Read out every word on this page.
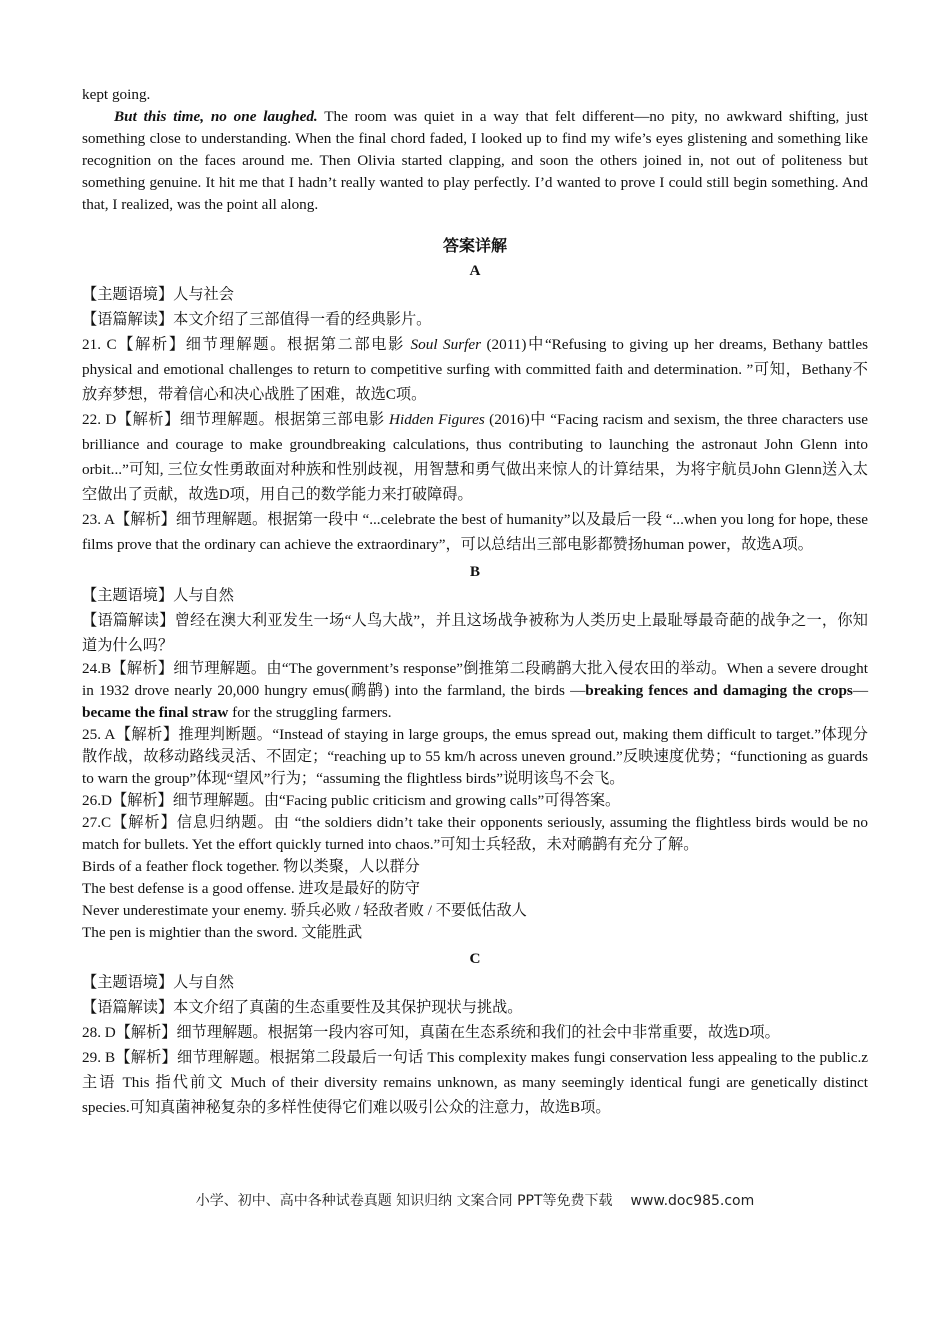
kept going.

But this time, no one laughed. The room was quiet in a way that felt different—no pity, no awkward shifting, just something close to understanding. When the final chord faded, I looked up to find my wife’s eyes glistening and something like recognition on the faces around me. Then Olivia started clapping, and soon the others joined in, not out of politeness but something genuine. It hit me that I hadn’t really wanted to play perfectly. I’d wanted to prove I could still begin something. And that, I realized, was the point all along.

答案详解

A

【主题语境】人与社会

【语篇解读】本文介绍了三部值得一看的经典影片。

21. C【解析】细节理解题。根据第二部电影 Soul Surfer (2011)中“Refusing to giving up her dreams, Bethany battles physical and emotional challenges to return to competitive surfing with committed faith and determination. ”可知，Bethany不放弃梦想，带着信心和决心战胜了困难，故选C项。

22. D【解析】细节理解题。根据第三部电影 Hidden Figures (2016)中 “Facing racism and sexism, the three characters use brilliance and courage to make groundbreaking calculations, thus contributing to launching the astronaut John Glenn into orbit...”可知, 三位女性勇敢面对种族和性别歧视，用智慧和勇气做出来惊人的计算结果，为将宇航员John Glenn送入太空做出了贡献，故选D项，用自己的数学能力来打破障碍。

23. A【解析】细节理解题。根据第一段中 “...celebrate the best of humanity”以及最后一段 “...when you long for hope, these films prove that the ordinary can achieve the extraordinary”，可以总结出三部电影都赞扬human power，故选A项。

B

【主题语境】人与自然

【语篇解读】曾经在澳大利亚发生一场“人鸟大战”，并且这场战争被称为人类历史上最耻辱最奇葩的战争之一，你知道为什么吗？

24.B【解析】细节理解题。由“The government’s response”倒推第二段鸸鹋大批入侵农田的举动。When a severe drought in 1932 drove nearly 20,000 hungry emus(鸸鹋) into the farmland, the birds —breaking fences and damaging the crops—became the final straw for the struggling farmers.

25. A【解析】推理判断题。“Instead of staying in large groups, the emus spread out, making them difficult to target.”体现分散作战，故移动路线灵活、不固定；“reaching up to 55 km/h across uneven ground.”反映速度优势；“functioning as guards to warn the group”体现“望风”行为；“assuming the flightless birds”说明该鸟不会飞。

26.D【解析】细节理解题。由“Facing public criticism and growing calls”可得答案。

27.C【解析】信息归纳题。由 “the soldiers didn’t take their opponents seriously, assuming the flightless birds would be no match for bullets. Yet the effort quickly turned into chaos.”可知士兵轻敌，未对鸸鹋有充分了解。

Birds of a feather flock together. 物以类聚，人以群分

The best defense is a good offense. 进攻是最好的防守

Never underestimate your enemy. 骄兵必败 / 轻敌者败 / 不要低估敌人

The pen is mightier than the sword. 文能胜武

C

【主题语境】人与自然

【语篇解读】本文介绍了真菌的生态重要性及其保护现状与挑战。

28. D【解析】细节理解题。根据第一段内容可知，真菌在生态系统和我们的社会中非常重要，故选D项。

29. B【解析】细节理解题。根据第二段最后一句话 This complexity makes fungi conservation less appealing to the public.z 主语 This 指代前文 Much of their diversity remains unknown, as many seemingly identical fungi are genetically distinct species.可知真菌神秘复杂的多样性使得它们难以吸引公众的注意力，故选B项。

小学、初中、高中各种试卷真题 知识归纳 文案合同 PPT等免费下载 www.doc985.com
